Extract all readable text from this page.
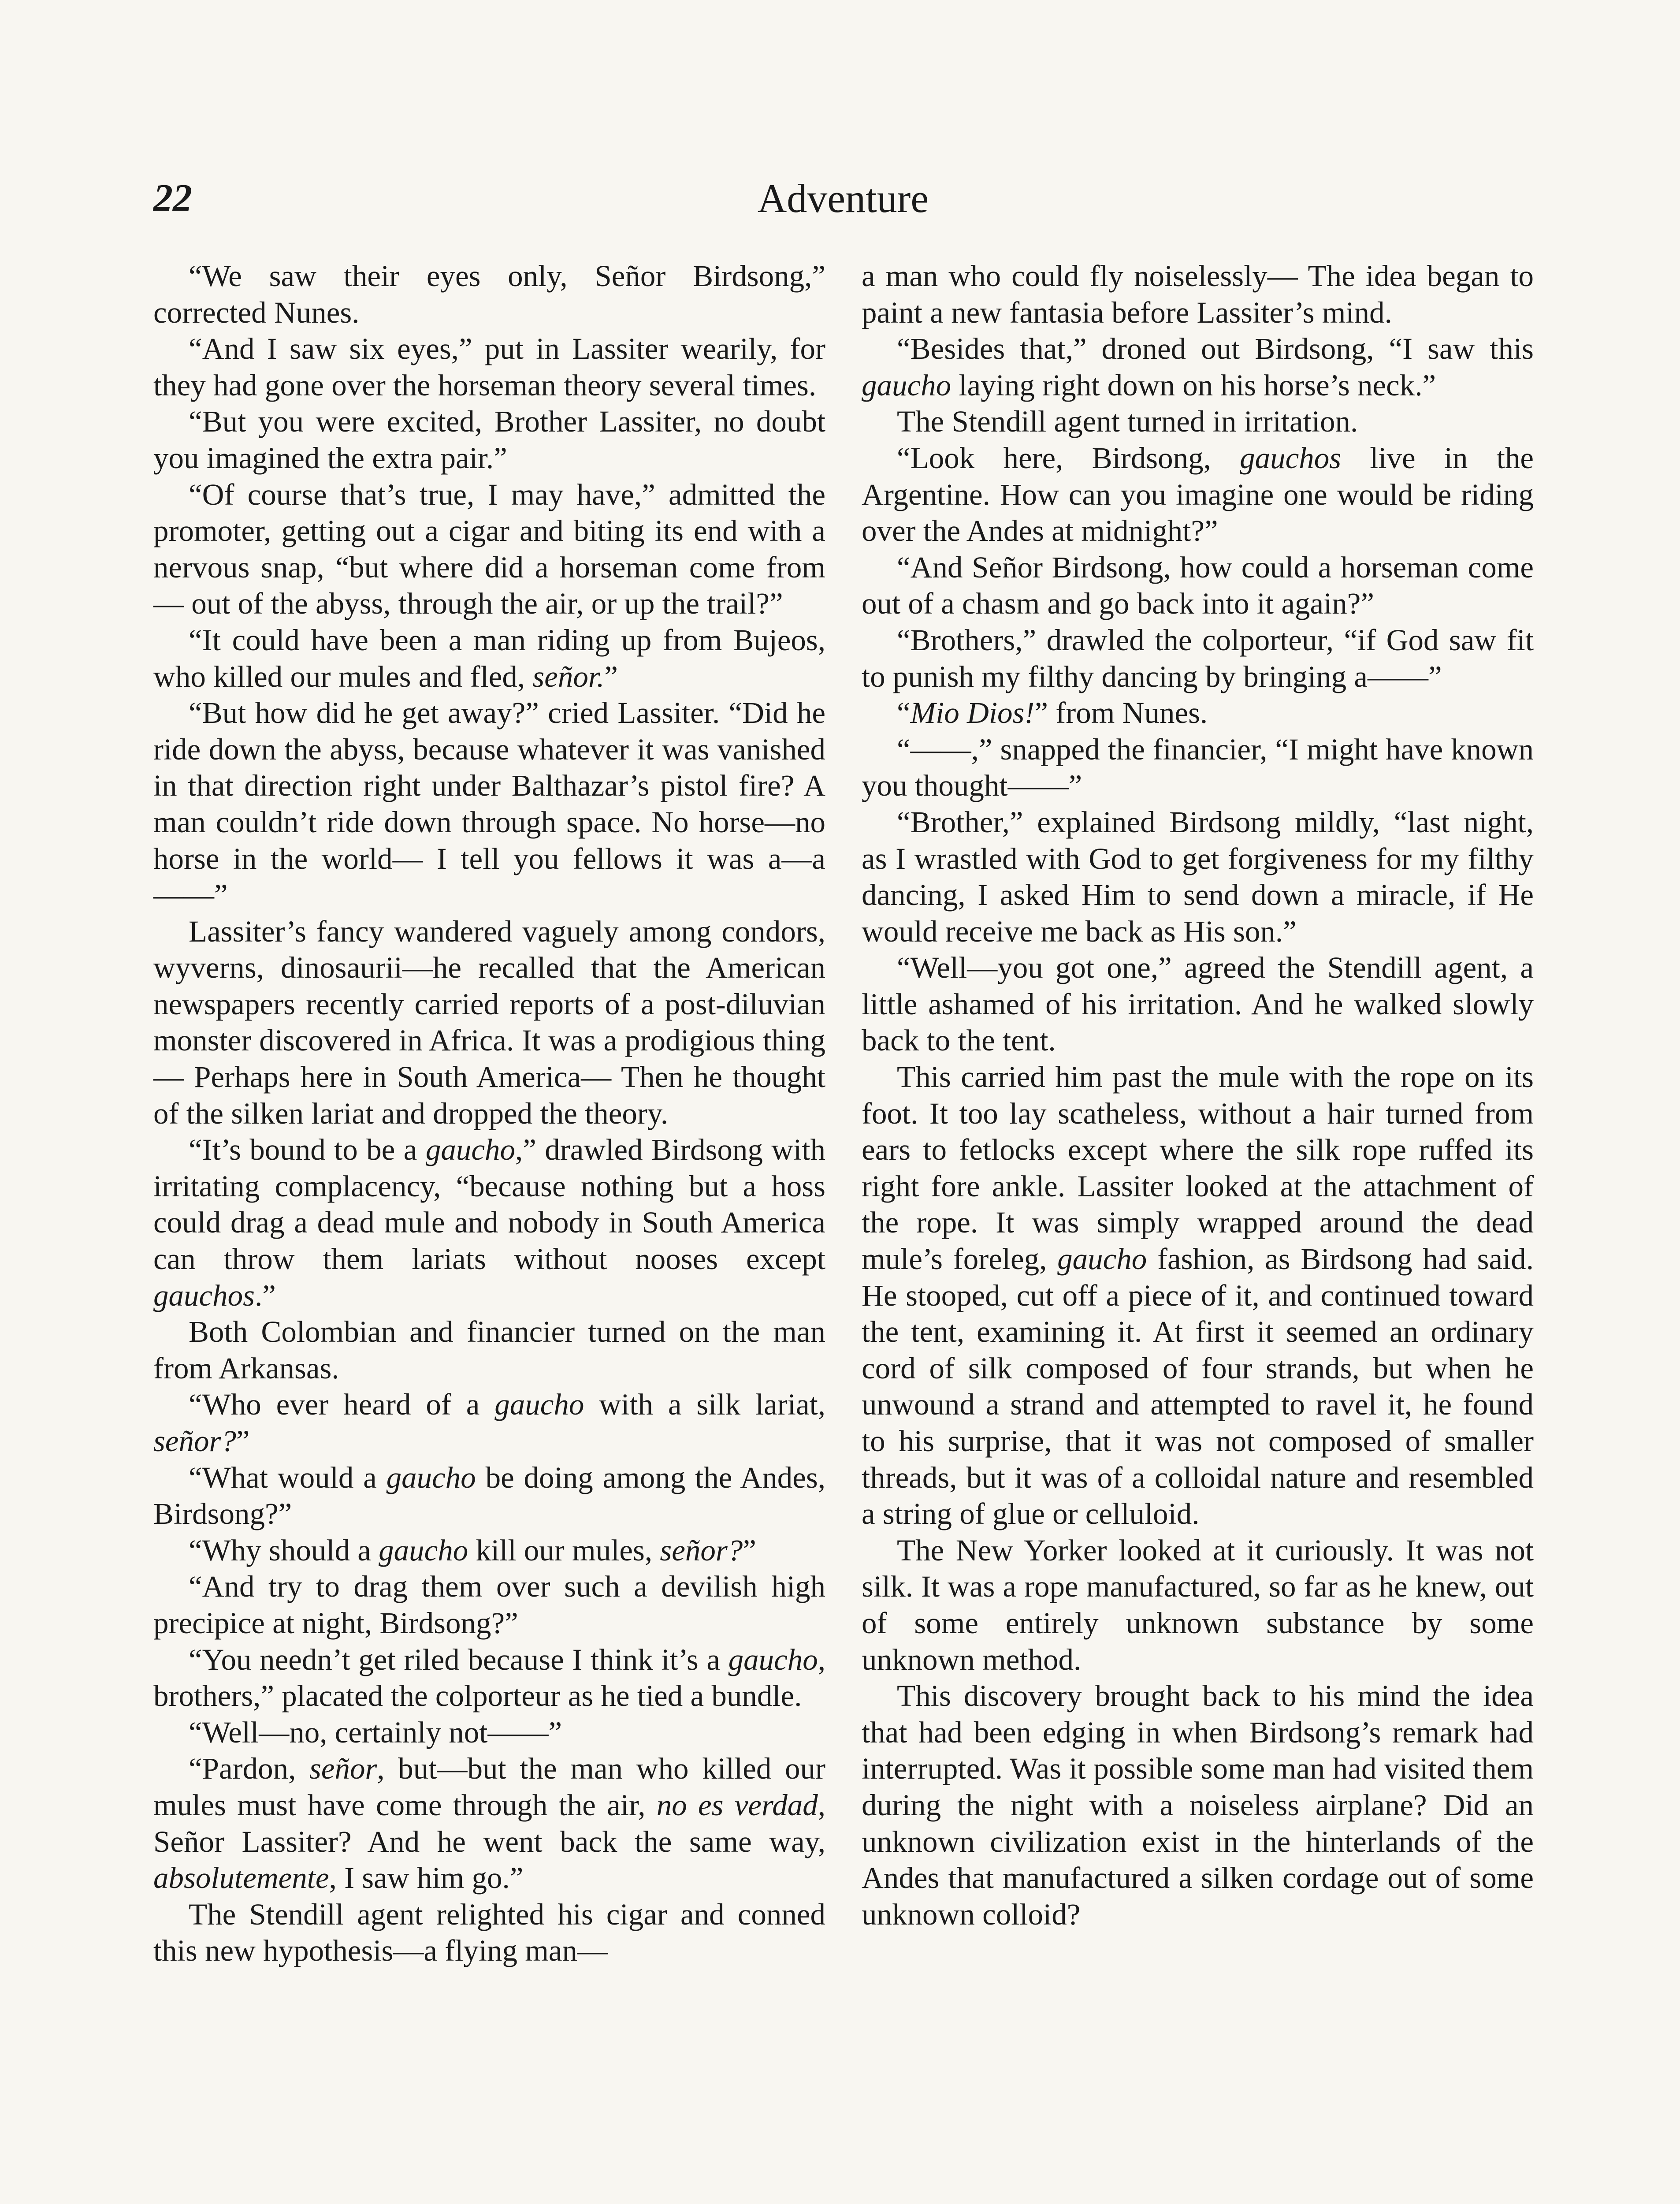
22	Adventure

“We saw their eyes only, Señor Birdsong,” corrected Nunes.

“And I saw six eyes,” put in Lassiter wearily, for they had gone over the horseman theory several times.

“But you were excited, Brother Lassiter, no doubt you imagined the extra pair.”

“Of course that’s true, I may have,” admitted the promoter, getting out a cigar and biting its end with a nervous snap, “but where did a horseman come from— out of the abyss, through the air, or up the trail?”

“It could have been a man riding up from Bujeos, who killed our mules and fled, señor.”

“But how did he get away?” cried Lassiter. “Did he ride down the abyss, because whatever it was vanished in that direction right under Balthazar’s pistol fire? A man couldn’t ride down through space. No horse—no horse in the world— I tell you fellows it was a—a——”

Lassiter’s fancy wandered vaguely among condors, wyverns, dinosaurii—he recalled that the American newspapers recently carried reports of a post-diluvian monster discovered in Africa. It was a prodigious thing— Perhaps here in South America— Then he thought of the silken lariat and dropped the theory.

“It’s bound to be a gaucho,” drawled Birdsong with irritating complacency, “because nothing but a hoss could drag a dead mule and nobody in South America can throw them lariats without nooses except gauchos.”

Both Colombian and financier turned on the man from Arkansas.

“Who ever heard of a gaucho with a silk lariat, señor?”

“What would a gaucho be doing among the Andes, Birdsong?”

“Why should a gaucho kill our mules, señor?”

“And try to drag them over such a devilish high precipice at night, Birdsong?”

“You needn’t get riled because I think it’s a gaucho, brothers,” placated the colporteur as he tied a bundle.

“Well—no, certainly not——”

“Pardon, señor, but—but the man who killed our mules must have come through the air, no es verdad, Señor Lassiter? And he went back the same way, absolutemente, I saw him go.”

The Stendill agent relighted his cigar and conned this new hypothesis—a flying man—

a man who could fly noiselessly— The idea began to paint a new fantasia before Lassiter’s mind.

“Besides that,” droned out Birdsong, “I saw this gaucho laying right down on his horse’s neck.”

The Stendill agent turned in irritation.

“Look here, Birdsong, gauchos live in the Argentine. How can you imagine one would be riding over the Andes at midnight?”

“And Señor Birdsong, how could a horseman come out of a chasm and go back into it again?”

“Brothers,” drawled the colporteur, “if God saw fit to punish my filthy dancing by bringing a——”

“Mio Dios!” from Nunes.

“——,” snapped the financier, “I might have known you thought——”

“Brother,” explained Birdsong mildly, “last night, as I wrastled with God to get forgiveness for my filthy dancing, I asked Him to send down a miracle, if He would receive me back as His son.”

“Well—you got one,” agreed the Stendill agent, a little ashamed of his irritation. And he walked slowly back to the tent.

This carried him past the mule with the rope on its foot. It too lay scatheless, without a hair turned from ears to fetlocks except where the silk rope ruffed its right fore ankle. Lassiter looked at the attachment of the rope. It was simply wrapped around the dead mule’s foreleg, gaucho fashion, as Birdsong had said. He stooped, cut off a piece of it, and continued toward the tent, examining it. At first it seemed an ordinary cord of silk composed of four strands, but when he unwound a strand and attempted to ravel it, he found to his surprise, that it was not composed of smaller threads, but it was of a colloidal nature and resembled a string of glue or celluloid.

The New Yorker looked at it curiously. It was not silk. It was a rope manufactured, so far as he knew, out of some entirely unknown substance by some unknown method.

This discovery brought back to his mind the idea that had been edging in when Birdsong’s remark had interrupted. Was it possible some man had visited them during the night with a noiseless airplane? Did an unknown civilization exist in the hinterlands of the Andes that manufactured a silken cordage out of some unknown colloid?
